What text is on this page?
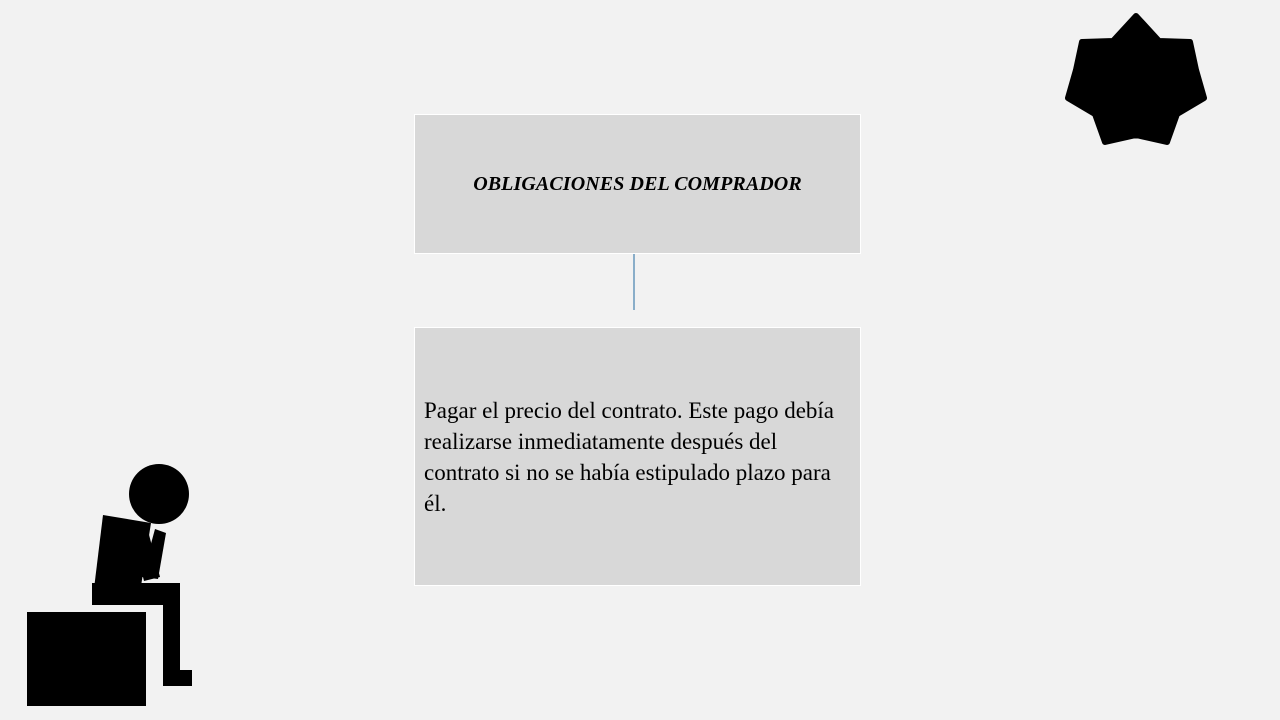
OBLIGACIONES DEL COMPRADOR

Pagar el precio del contrato. Este pago debía realizarse inmediatamente después del contrato si no se había estipulado plazo para él.
